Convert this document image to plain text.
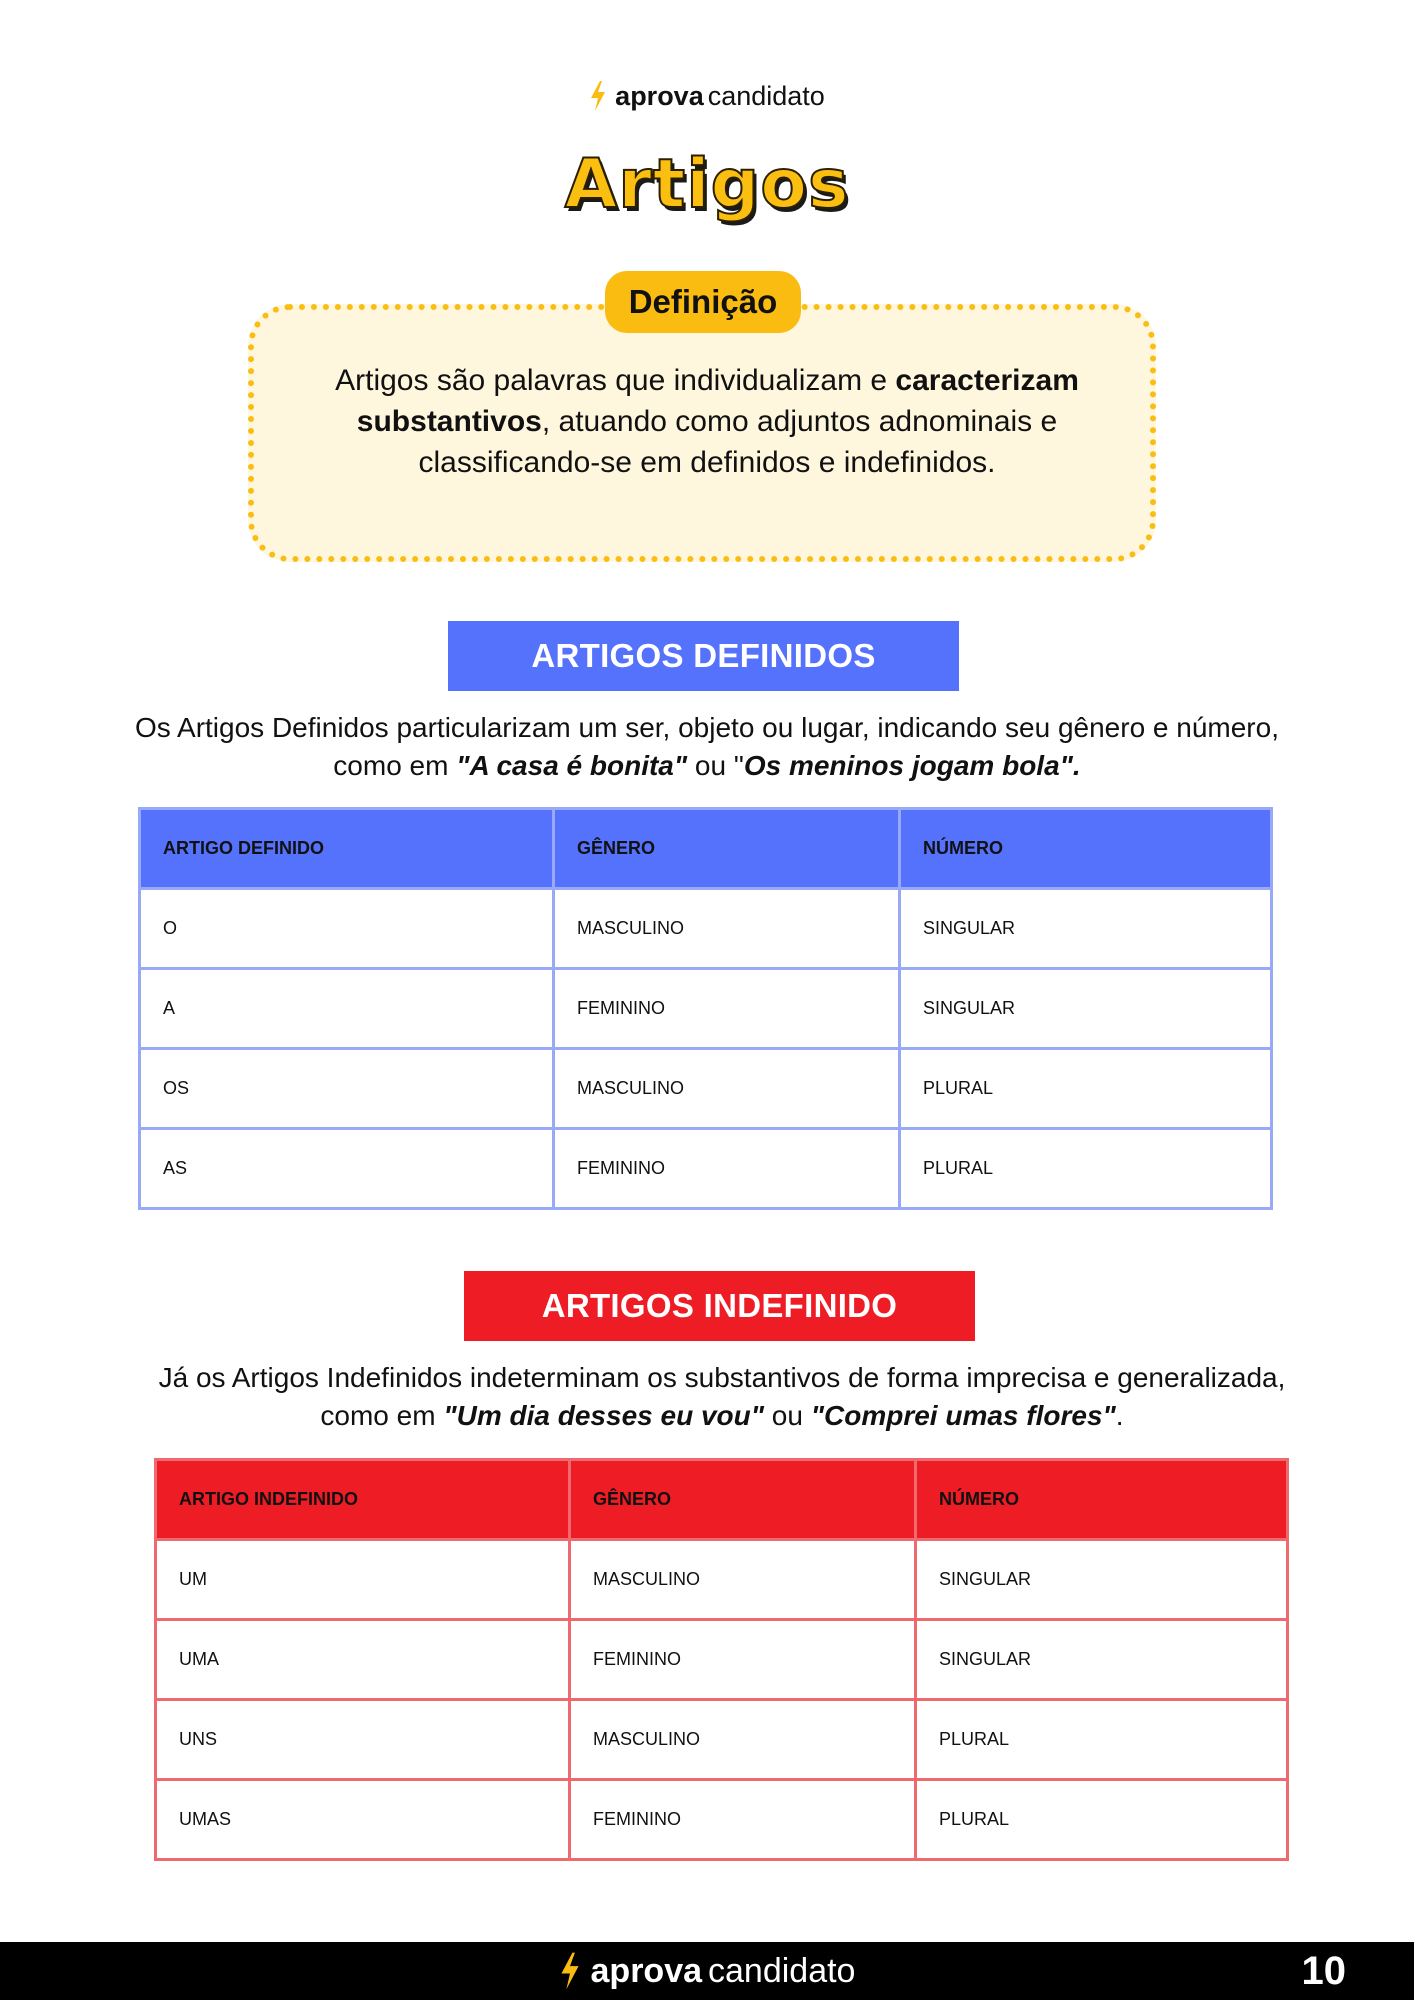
aprova candidato
Artigos
Definição
Artigos são palavras que individualizam e caracterizam substantivos, atuando como adjuntos adnominais e classificando-se em definidos e indefinidos.
ARTIGOS DEFINIDOS
Os Artigos Definidos particularizam um ser, objeto ou lugar, indicando seu gênero e número, como em "A casa é bonita" ou "Os meninos jogam bola".
ARTIGO DEFINIDO	GÊNERO	NÚMERO
O	MASCULINO	SINGULAR
A	FEMININO	SINGULAR
OS	MASCULINO	PLURAL
AS	FEMININO	PLURAL
ARTIGOS INDEFINIDO
Já os Artigos Indefinidos indeterminam os substantivos de forma imprecisa e generalizada, como em "Um dia desses eu vou" ou "Comprei umas flores".
ARTIGO INDEFINIDO	GÊNERO	NÚMERO
UM	MASCULINO	SINGULAR
UMA	FEMININO	SINGULAR
UNS	MASCULINO	PLURAL
UMAS	FEMININO	PLURAL
aprova candidato	10
